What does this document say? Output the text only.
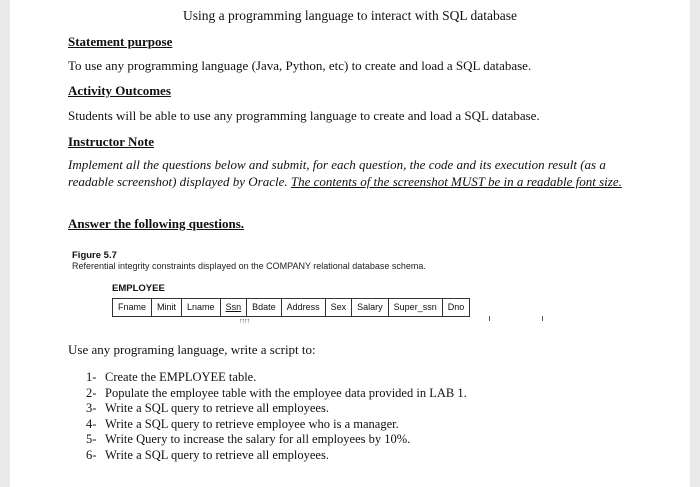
Using a programming language to interact with SQL database
Statement purpose
To use any programming language (Java, Python, etc) to create and load a SQL database.
Activity Outcomes
Students will be able to use any programming language to create and load a SQL database.
Instructor Note
Implement all the questions below and submit, for each question, the code and its execution result (as a readable screenshot) displayed by Oracle. The contents of the screenshot MUST be in a readable font size.
Answer the following questions.
Figure 5.7
Referential integrity constraints displayed on the COMPANY relational database schema.
EMPLOYEE
Fname	Minit	Lname	Ssn	Bdate	Address	Sex	Salary	Super_ssn	Dno
↑↑↑↑
Use any programing language, write a script to:
1- Create the EMPLOYEE table.
2- Populate the employee table with the employee data provided in LAB 1.
3- Write a SQL query to retrieve all employees.
4- Write a SQL query to retrieve employee who is a manager.
5- Write Query to increase the salary for all employees by 10%.
6- Write a SQL query to retrieve all employees.
